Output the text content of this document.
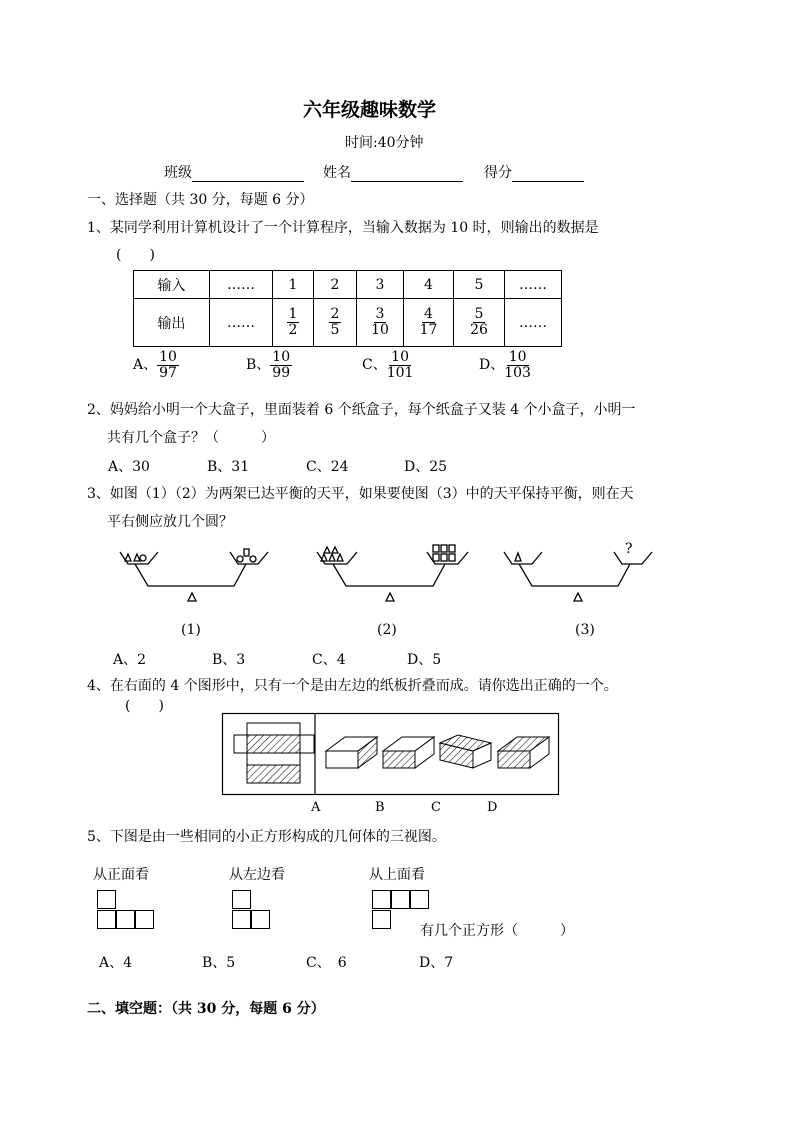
六年级趣味数学
时间:40分钟
班级	姓名	得分
一、选择题（共 30 分，每题 6 分）
1、某同学利用计算机设计了一个计算程序，当输入数据为 10 时，则输出的数据是
(　　)
输入	……	1	2	3	4	5	……
输出	……	$\frac{1}{2}$	$\frac{2}{5}$	$\frac{3}{10}$	$\frac{4}{17}$	$\frac{5}{26}$	……
A、 $\frac{10}{97}$	B、 $\frac{10}{99}$	C、 $\frac{10}{101}$	D、 $\frac{10}{103}$
2、妈妈给小明一个大盒子，里面装着 6 个纸盒子，每个纸盒子又装 4 个小盒子，小明一
共有几个盒子？（　　　）
A、30	B、31	C、24	D、25
3、如图（1）（2）为两架已达平衡的天平，如果要使图（3）中的天平保持平衡，则在天
平右侧应放几个圆？
?
(1)	(2)	(3)
A、2	B、3	C、4	D、5
4、在右面的 4 个图形中，只有一个是由左边的纸板折叠而成。请你选出正确的一个。
(　　)
A	B	C	D
5、下图是由一些相同的小正方形构成的几何体的三视图。
从正面看	从左边看	从上面看
有几个正方形（　　　）
A、4	B、5	C、　6	D、7
二、填空题：（共 30 分，每题 6 分）
